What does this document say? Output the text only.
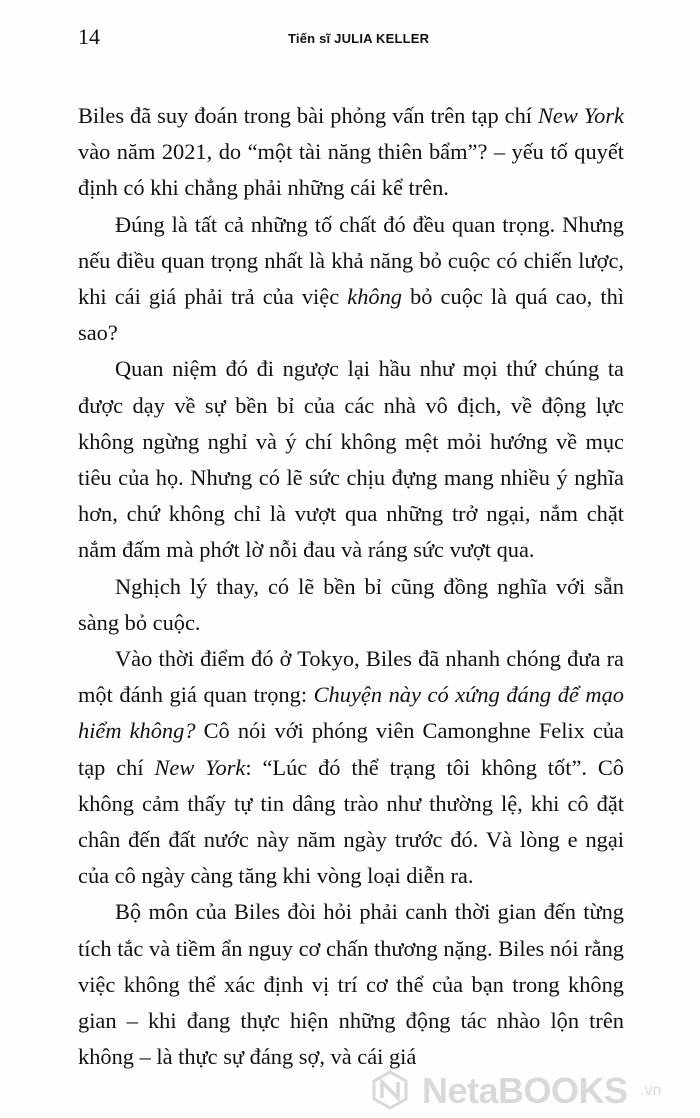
14	Tiến sĩ JULIA KELLER

Biles đã suy đoán trong bài phỏng vấn trên tạp chí New York vào năm 2021, do “một tài năng thiên bẩm”? – yếu tố quyết định có khi chẳng phải những cái kể trên.

Đúng là tất cả những tố chất đó đều quan trọng. Nhưng nếu điều quan trọng nhất là khả năng bỏ cuộc có chiến lược, khi cái giá phải trả của việc không bỏ cuộc là quá cao, thì sao?

Quan niệm đó đi ngược lại hầu như mọi thứ chúng ta được dạy về sự bền bỉ của các nhà vô địch, về động lực không ngừng nghỉ và ý chí không mệt mỏi hướng về mục tiêu của họ. Nhưng có lẽ sức chịu đựng mang nhiều ý nghĩa hơn, chứ không chỉ là vượt qua những trở ngại, nắm chặt nắm đấm mà phớt lờ nỗi đau và ráng sức vượt qua.

Nghịch lý thay, có lẽ bền bỉ cũng đồng nghĩa với sẵn sàng bỏ cuộc.

Vào thời điểm đó ở Tokyo, Biles đã nhanh chóng đưa ra một đánh giá quan trọng: Chuyện này có xứng đáng để mạo hiểm không? Cô nói với phóng viên Camonghne Felix của tạp chí New York: “Lúc đó thể trạng tôi không tốt”. Cô không cảm thấy tự tin dâng trào như thường lệ, khi cô đặt chân đến đất nước này năm ngày trước đó. Và lòng e ngại của cô ngày càng tăng khi vòng loại diễn ra.

Bộ môn của Biles đòi hỏi phải canh thời gian đến từng tích tắc và tiềm ẩn nguy cơ chấn thương nặng. Biles nói rằng việc không thể xác định vị trí cơ thể của bạn trong không gian – khi đang thực hiện những động tác nhào lộn trên không – là thực sự đáng sợ, và cái giá

NetaBOOKS .vn
